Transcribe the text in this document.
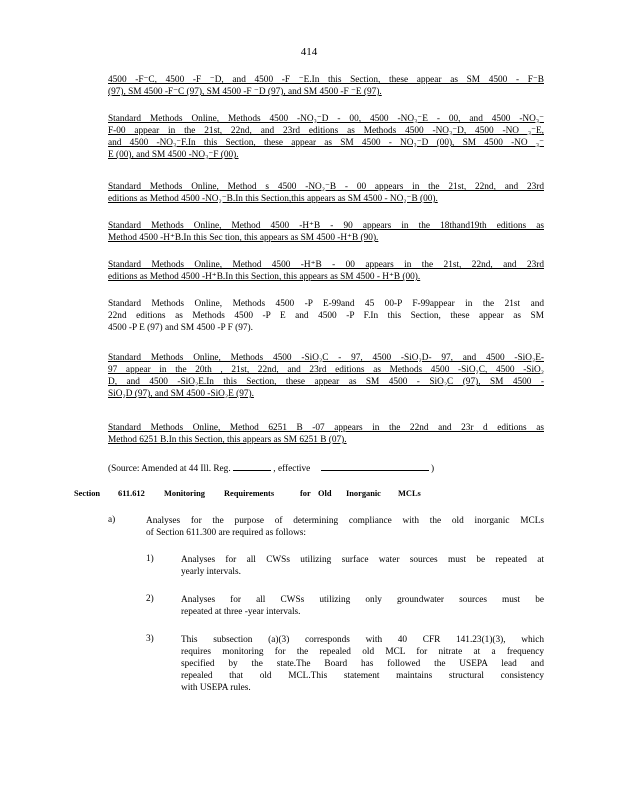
414
4500 -F⁻C, 4500 -F ⁻D, and 4500 -F ⁻E.In this Section, these appear as SM 4500 - F⁻B
(97), SM 4500 -F⁻C (97), SM 4500 -F ⁻D (97), and SM 4500 -F ⁻E (97).
Standard Methods Online, Methods 4500 -NO₃⁻D - 00, 4500 -NO₃⁻E - 00, and 4500 -NO₃⁻
F-00 appear in the 21st, 22nd, and 23rd editions as Methods 4500 -NO₃⁻D, 4500 -NO ₃⁻E,
and 4500 -NO₃⁻F.In this Section, these appear as SM 4500 - NO₃⁻D (00), SM 4500 -NO ₃⁻
E (00), and SM 4500 -NO₃⁻F (00).
Standard Methods Online, Method s 4500 -NO₂⁻B - 00 appears in the 21st, 22nd, and 23rd
editions as Method 4500 -NO₂⁻B.In this Section,this appears as SM 4500 - NO₂⁻B (00).
Standard Methods Online, Method 4500 -H⁺B - 90 appears in the 18thand19th editions as
Method 4500 -H⁺B.In this Sec tion, this appears as SM 4500 -H⁺B (90).
Standard Methods Online, Method 4500 -H⁺B - 00 appears in the 21st, 22nd, and 23rd
editions as Method 4500 -H⁺B.In this Section, this appears as SM 4500 - H⁺B (00).
Standard Methods Online, Methods 4500 -P E-99and 45 00-P F-99appear in the 21st and
22nd editions as Methods 4500 -P E and 4500 -P F.In this Section, these appear as SM
4500 -P E (97) and SM 4500 -P F (97).
Standard Methods Online, Methods 4500 -SiO₂C - 97, 4500 -SiO₂D- 97, and 4500 -SiO₂E-
97 appear in the 20th , 21st, 22nd, and 23rd editions as Methods 4500 -SiO₂C, 4500 -SiO₂
D, and 4500 -SiO₂E.In this Section, these appear as SM 4500 - SiO₂C (97), SM 4500 -
SiO₂D (97), and SM 4500 -SiO₂E (97).
Standard Methods Online, Method 6251 B -07 appears in the 22nd and 23r d editions as
Method 6251 B.In this Section, this appears as SM 6251 B (07).
(Source: Amended at 44 Ill. Reg.	, effective	)
Section	611.612	Monitoring	Requirements	for Old	Inorganic	MCLs
a)	Analyses for the purpose of determining compliance with the old inorganic MCLs
of Section 611.300 are required as follows:
1)	Analyses for all CWSs utilizing surface water sources must be repeated at
yearly intervals.
2)	Analyses for all CWSs utilizing only groundwater sources must be
repeated at three -year intervals.
3)	This subsection (a)(3) corresponds with 40 CFR 141.23(1)(3), which
requires monitoring for the repealed old MCL for nitrate at a frequency
specified by the state.The Board has followed the USEPA lead and
repealed that old MCL.This statement maintains structural consistency
with USEPA rules.
